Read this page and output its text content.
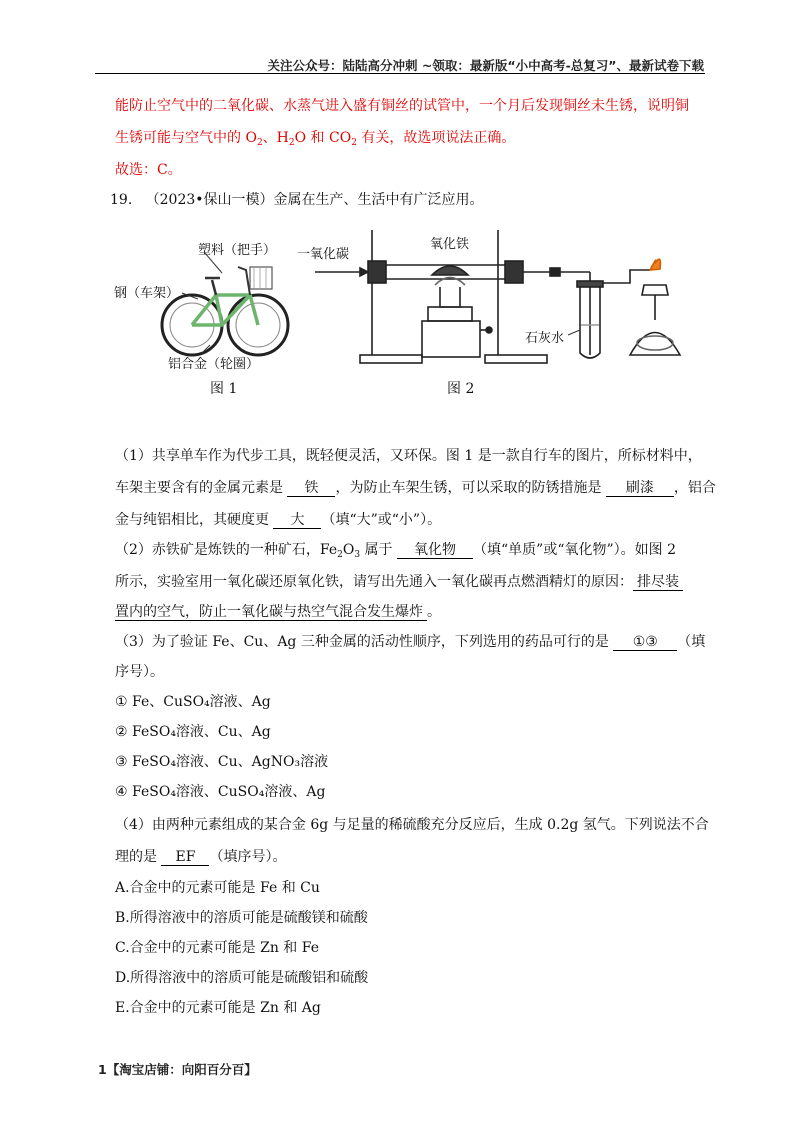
关注公众号：陆陆高分冲刺 ~领取：最新版“小中高考-总复习”、最新试卷下载
能防止空气中的二氧化碳、水蒸气进入盛有铜丝的试管中，一个月后发现铜丝未生锈，说明铜
生锈可能与空气中的 $O_2$、$H_2O$ 和 $CO_2$ 有关，故选项说法正确。
故选：C。
19. （2023•保山一模）金属在生产、生活中有广泛应用。
塑料（把手）
钢（车架）
铝合金（轮圈）
图 1
一氧化碳
氧化铁
石灰水
图 2
（1）共享单车作为代步工具，既轻便灵活，又环保。图 1 是一款自行车的图片，所标材料中，
车架主要含有的金属元素是 铁 ，为防止车架生锈，可以采取的防锈措施是 刷漆 ，铝合
金与纯铝相比，其硬度更 大 （填“大”或“小”）。
（2）赤铁矿是炼铁的一种矿石，$Fe_2O_3$ 属于 氧化物 （填“单质”或“氧化物”）。如图 2
所示，实验室用一氧化碳还原氧化铁，请写出先通入一氧化碳再点燃酒精灯的原因： 排尽装
置内的空气，防止一氧化碳与热空气混合发生爆炸 。
（3）为了验证 Fe、Cu、Ag 三种金属的活动性顺序，下列选用的药品可行的是 ①③ （填
序号）。
① Fe、CuSO₄溶液、Ag
② FeSO₄溶液、Cu、Ag
③ FeSO₄溶液、Cu、AgNO₃溶液
④ FeSO₄溶液、CuSO₄溶液、Ag
（4）由两种元素组成的某合金 6g 与足量的稀硫酸充分反应后，生成 0.2g 氢气。下列说法不合
理的是 EF （填序号）。
A.合金中的元素可能是 Fe 和 Cu
B.所得溶液中的溶质可能是硫酸镁和硫酸
C.合金中的元素可能是 Zn 和 Fe
D.所得溶液中的溶质可能是硫酸铝和硫酸
E.合金中的元素可能是 Zn 和 Ag
1【淘宝店铺：向阳百分百】
